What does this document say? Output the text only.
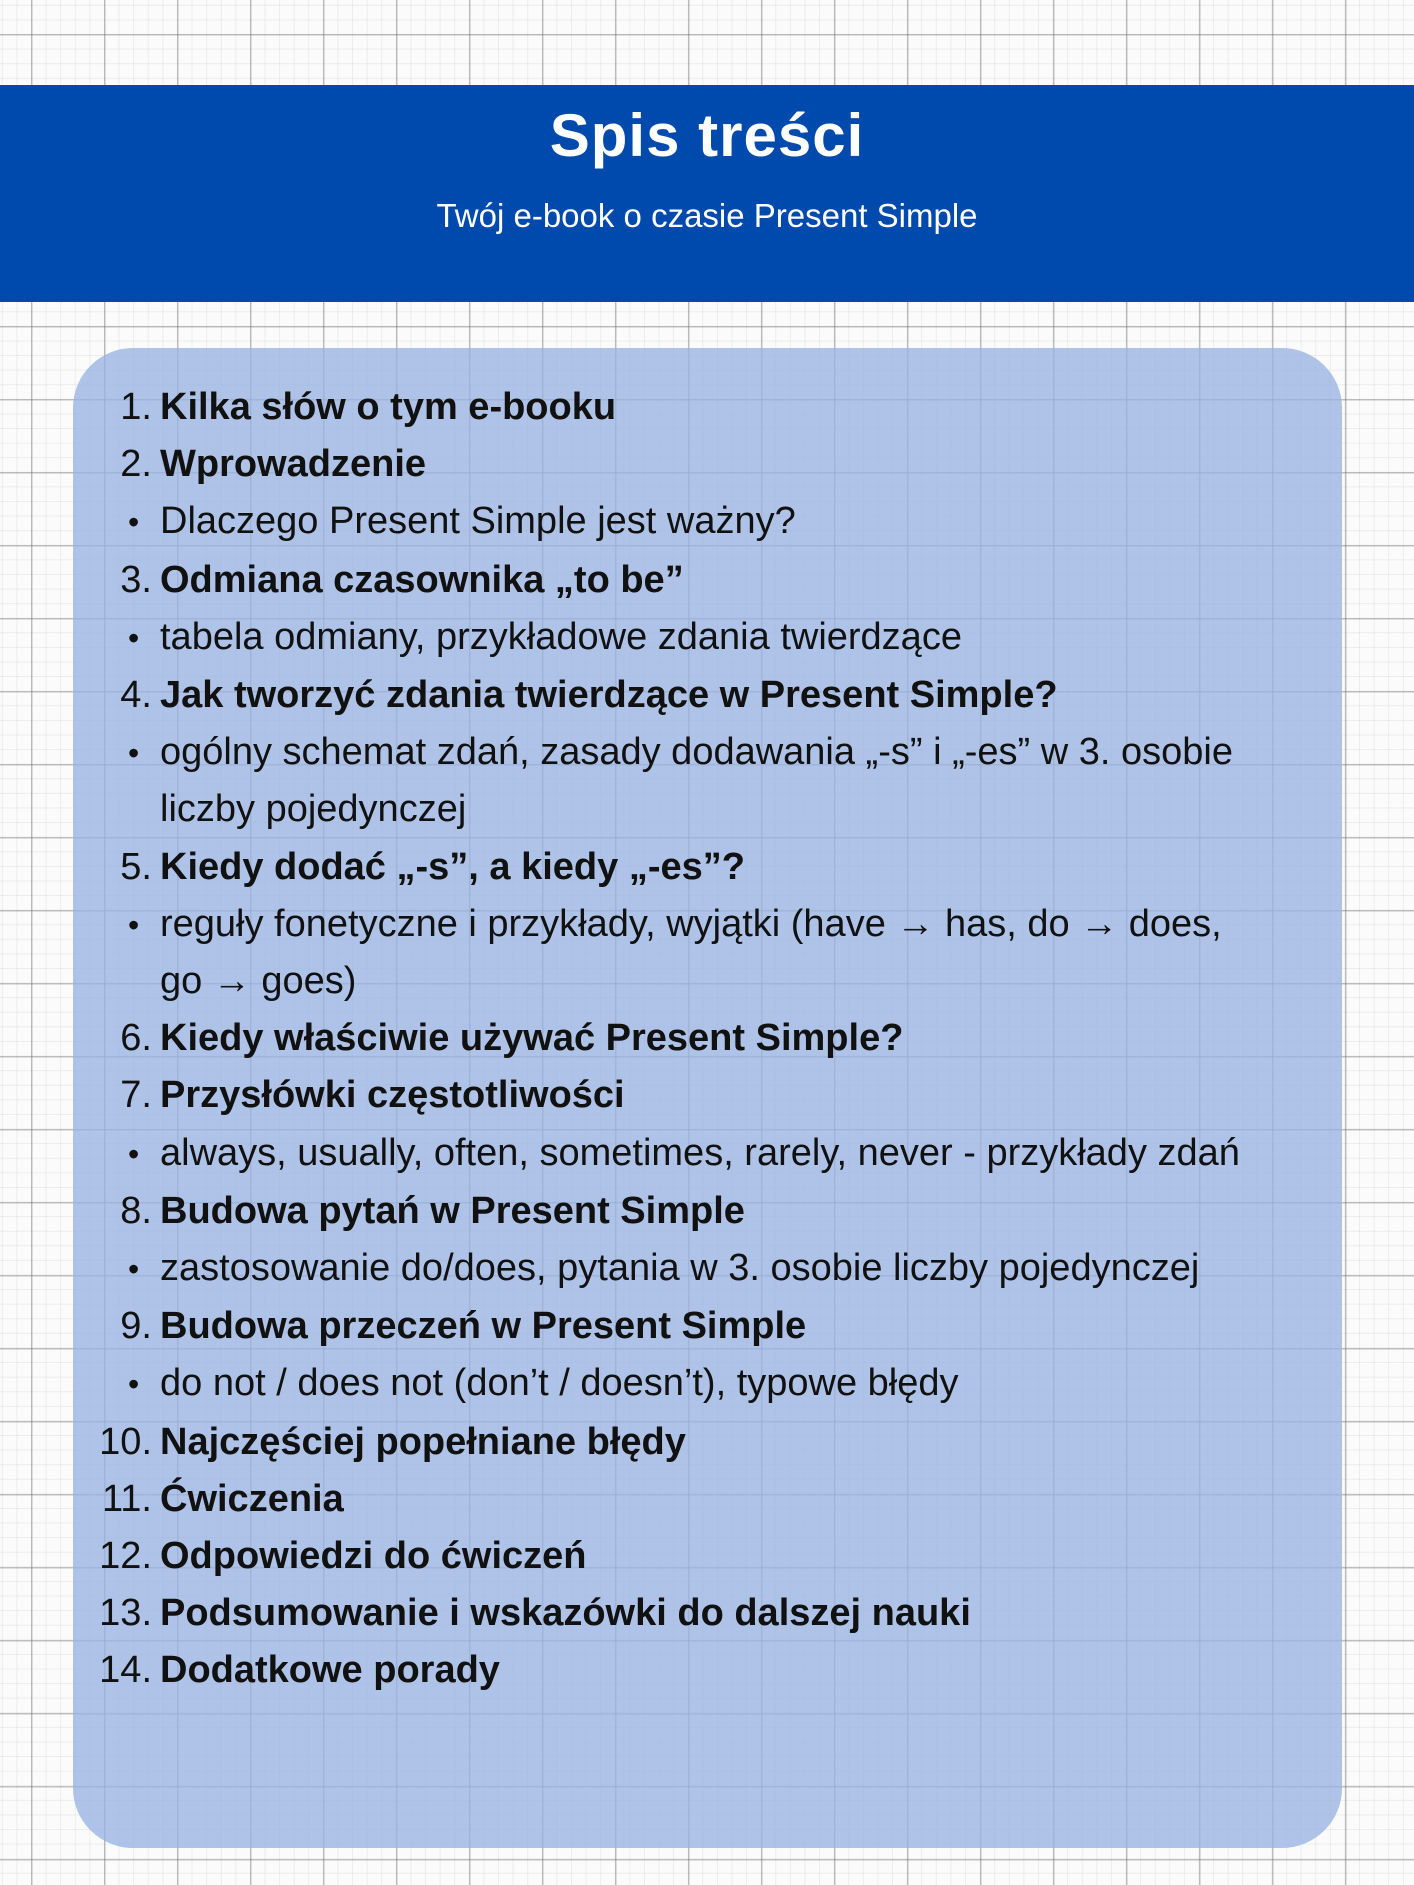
Spis treści

Twój e-book o czasie Present Simple

1. Kilka słów o tym e-booku
2. Wprowadzenie
• Dlaczego Present Simple jest ważny?
3. Odmiana czasownika „to be”
• tabela odmiany, przykładowe zdania twierdzące
4. Jak tworzyć zdania twierdzące w Present Simple?
• ogólny schemat zdań, zasady dodawania „-s” i „-es” w 3. osobie liczby pojedynczej
5. Kiedy dodać „-s”, a kiedy „-es”?
• reguły fonetyczne i przykłady, wyjątki (have → has, do → does, go → goes)
6. Kiedy właściwie używać Present Simple?
7. Przysłówki częstotliwości
• always, usually, often, sometimes, rarely, never - przykłady zdań
8. Budowa pytań w Present Simple
• zastosowanie do/does, pytania w 3. osobie liczby pojedynczej
9. Budowa przeczeń w Present Simple
• do not / does not (don’t / doesn’t), typowe błędy
10. Najczęściej popełniane błędy
11. Ćwiczenia
12. Odpowiedzi do ćwiczeń
13. Podsumowanie i wskazówki do dalszej nauki
14. Dodatkowe porady
